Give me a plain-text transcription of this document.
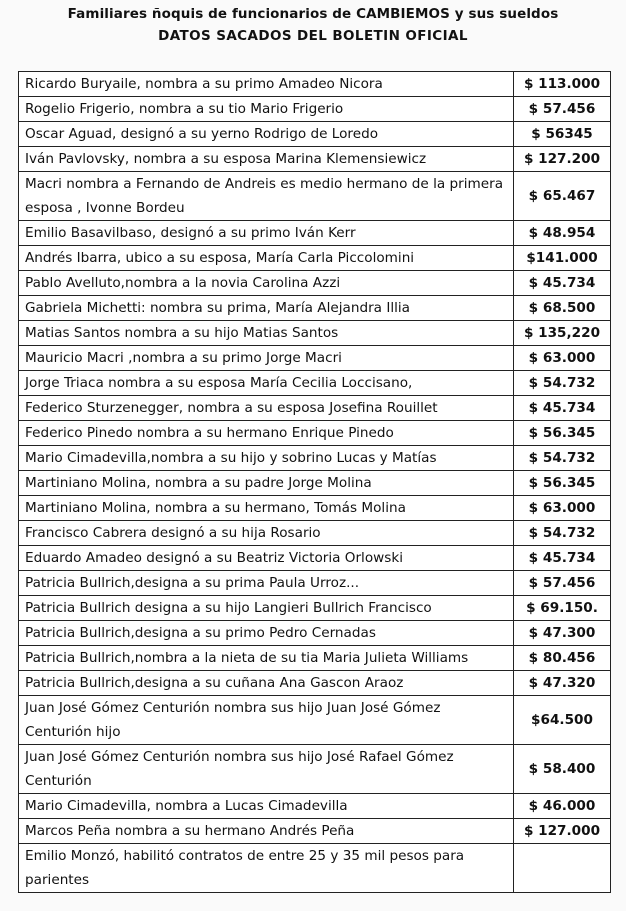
Familiares ñoquis de funcionarios de CAMBIEMOS y sus sueldos
DATOS SACADOS DEL BOLETIN OFICIAL
Ricardo Buryaile, nombra a su primo Amadeo Nicora	$ 113.000
Rogelio Frigerio, nombra a su tio Mario Frigerio	$ 57.456
Oscar Aguad, designó a su yerno Rodrigo de Loredo	$ 56345
Iván Pavlovsky, nombra a su esposa Marina Klemensiewicz	$ 127.200
Macri nombra a Fernando de Andreis es medio hermano de la primera esposa , Ivonne Bordeu	$ 65.467
Emilio Basavilbaso, designó a su primo Iván Kerr	$ 48.954
Andrés Ibarra, ubico a su esposa, María Carla Piccolomini	$141.000
Pablo Avelluto,nombra a la novia Carolina Azzi	$ 45.734
Gabriela Michetti: nombra su prima, María Alejandra Illia	$ 68.500
Matias Santos nombra a su hijo Matias Santos	$ 135,220
Mauricio Macri ,nombra a su primo Jorge Macri	$ 63.000
Jorge Triaca nombra a su esposa María Cecilia Loccisano,	$ 54.732
Federico Sturzenegger, nombra a su esposa Josefina Rouillet	$ 45.734
Federico Pinedo nombra a su hermano Enrique Pinedo	$ 56.345
Mario Cimadevilla,nombra a su hijo y sobrino Lucas y Matías	$ 54.732
Martiniano Molina, nombra a su padre Jorge Molina	$ 56.345
Martiniano Molina, nombra a su hermano, Tomás Molina	$ 63.000
Francisco Cabrera designó a su hija Rosario	$ 54.732
Eduardo Amadeo designó a su Beatriz Victoria Orlowski	$ 45.734
Patricia Bullrich,designa a su prima Paula Urroz...	$ 57.456
Patricia Bullrich designa a su hijo Langieri Bullrich Francisco	$ 69.150.
Patricia Bullrich,designa a su primo Pedro Cernadas	$ 47.300
Patricia Bullrich,nombra a la nieta de su tia Maria Julieta Williams	$ 80.456
Patricia Bullrich,designa a su cuñana Ana Gascon Araoz	$ 47.320
Juan José Gómez Centurión nombra sus hijo Juan José Gómez Centurión hijo	$64.500
Juan José Gómez Centurión nombra sus hijo José Rafael Gómez Centurión	$ 58.400
Mario Cimadevilla, nombra a Lucas Cimadevilla	$ 46.000
Marcos Peña nombra a su hermano Andrés Peña	$ 127.000
Emilio Monzó, habilitó contratos de entre 25 y 35 mil pesos para parientes	
